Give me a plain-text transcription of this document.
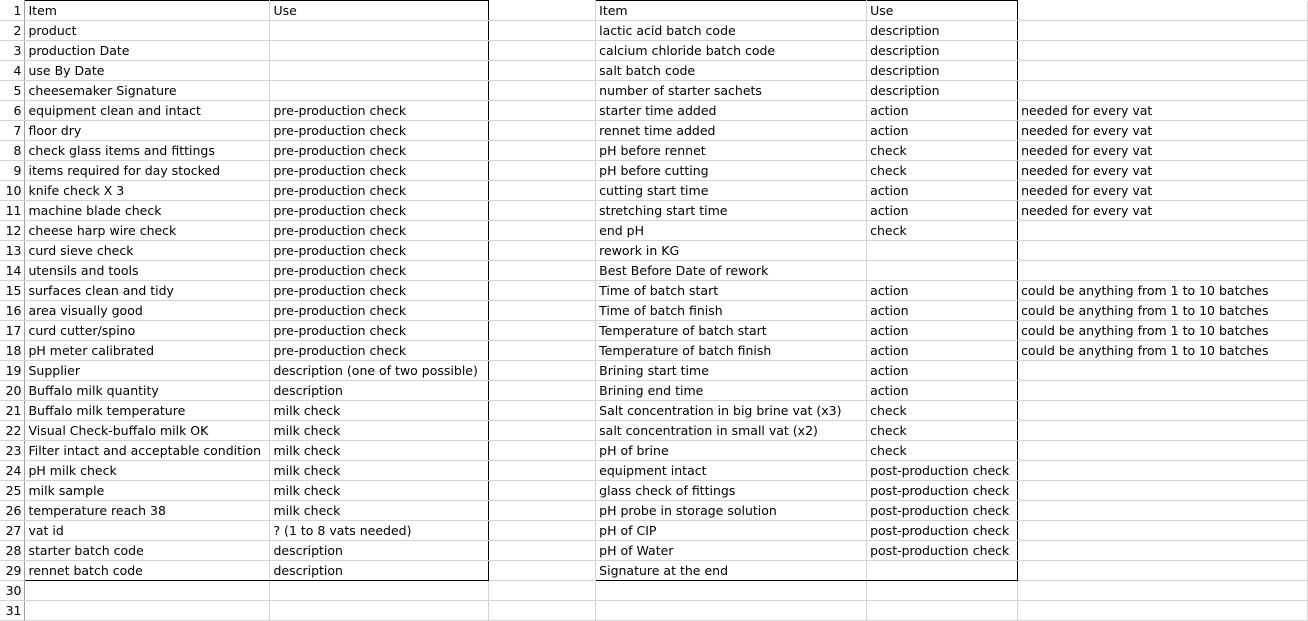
1	Item	Use		Item	Use	
2	product			lactic acid batch code	description	
3	production Date			calcium chloride batch code	description	
4	use By Date			salt batch code	description	
5	cheesemaker Signature			number of starter sachets	description	
6	equipment clean and intact	pre-production check		starter time added	action	needed for every vat
7	floor dry	pre-production check		rennet time added	action	needed for every vat
8	check glass items and fittings	pre-production check		pH before rennet	check	needed for every vat
9	items required for day stocked	pre-production check		pH before cutting	check	needed for every vat
10	knife check X 3	pre-production check		cutting start time	action	needed for every vat
11	machine blade check	pre-production check		stretching start time	action	needed for every vat
12	cheese harp wire check	pre-production check		end pH	check	
13	curd sieve check	pre-production check		rework in KG		
14	utensils and tools	pre-production check		Best Before Date of rework		
15	surfaces clean and tidy	pre-production check		Time of batch start	action	could be anything from 1 to 10 batches
16	area visually good	pre-production check		Time of batch finish	action	could be anything from 1 to 10 batches
17	curd cutter/spino	pre-production check		Temperature of batch start	action	could be anything from 1 to 10 batches
18	pH meter calibrated	pre-production check		Temperature of batch finish	action	could be anything from 1 to 10 batches
19	Supplier	description (one of two possible)		Brining start time	action	
20	Buffalo milk quantity	description		Brining end time	action	
21	Buffalo milk temperature	milk check		Salt concentration in big brine vat (x3)	check	
22	Visual Check-buffalo milk OK	milk check		salt concentration in small vat (x2)	check	
23	Filter intact and acceptable condition	milk check		pH of brine	check	
24	pH milk check	milk check		equipment intact	post-production check	
25	milk sample	milk check		glass check of fittings	post-production check	
26	temperature reach 38	milk check		pH probe in storage solution	post-production check	
27	vat id	? (1 to 8 vats needed)		pH of CIP	post-production check	
28	starter batch code	description		pH of Water	post-production check	
29	rennet batch code	description		Signature at the end		
30						
31						
